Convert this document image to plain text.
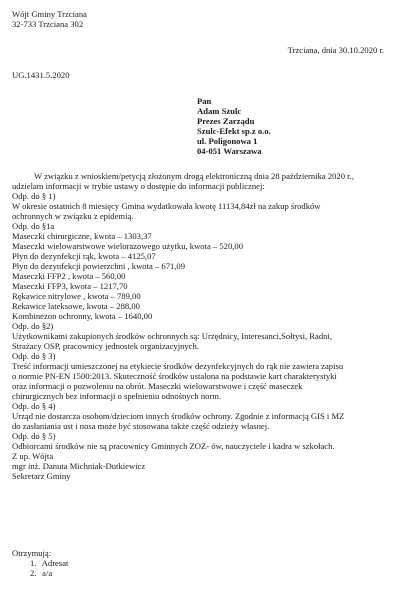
Wójt Gminy Trzciana
32-733 Trzciana 302
Trzciana, dnia 30.10.2020 r.
UG.1431.5.2020
Pan
Adam Szulc
Prezes Zarządu
Szulc-Efekt sp.z o.o.
ul. Poligonowa 1
04-051 Warszawa
W związku z wnioskiem/petycją złożonym drogą elektroniczną dnia 28 października 2020 r.,
udzielam informacji w trybie ustawy o dostępie do informacji publicznej:
Odp. do § 1)
W okresie ostatnich 8 miesięcy Gmina wydatkowała kwotę 11134,84zł na zakup środków
ochronnych w związku z epidemią.
Odp. do §1a
Maseczki chirurgiczne, kwota – 1303,37
Maseczki wielowarstwowe wielorazowego użytku, kwota – 520,00
Płyn do dezynfekcji rąk, kwota – 4125,07
Płyn do dezynfekcji powierzchni , kwota – 671,09
Maseczki FFP2 , kwota – 560,00
Maseczki FFP3, kwota – 1217,70
Rękawice nitrylowe , kwota – 789,00
Rekawice lateksowe, kwota – 288,00
Kombinezon ochronny, kwota – 1640,00
Odp. do §2)
Użytkownikami zakupionych środków ochronnych są: Urzędnicy, Interesanci,Sołtysi, Radni,
Strażacy OSP, pracownicy jednostek organizacyjnych.
Odp. do § 3)
Treść informacji umieszczonej na etykiecie środków dezynfekcyjnych do rąk nie zawiera zapisu
o normie PN-EN 1500:2013. Skuteczność środków ustalona na podstawie kart charakterystyki
oraz informacji o pozwoleniu na obrót. Maseczki wielowarstwowe i część maseczek
chirurgicznych bez informacji o spełnieniu odnośnych norm.
Odp. do § 4)
Urząd nie dostarcza osobom/dzieciom innych środków ochrony. Zgodnie z informacją GIS i MZ
do zasłaniania ust i nosa może być stosowana także część odzieży własnej.
Odp. do § 5)
Odbiorcami środków nie są pracownicy Gminnych ZOZ- ów, nauczyciele i kadra w szkołach.
Z up. Wójta
mgr inż. Danuta Michniak-Dutkiewicz
Sekretarz Gminy
Otrzymują:
1. Adresat
2. a/a
